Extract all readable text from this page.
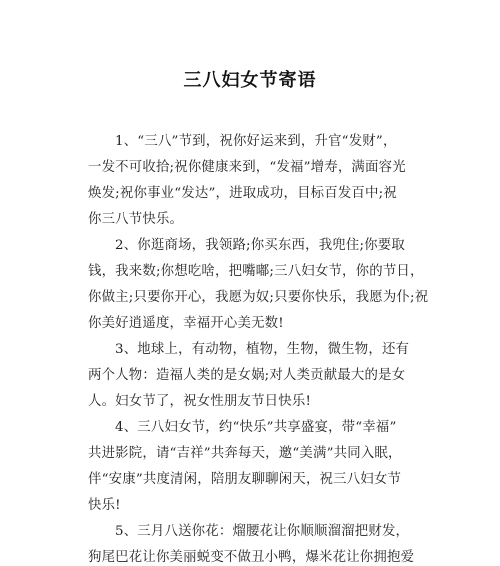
三八妇女节寄语
1、“三八”节到，祝你好运来到，升官“发财”，
一发不可收拾;祝你健康来到，“发福”增寿，满面容光
焕发;祝你事业“发达”，进取成功，目标百发百中;祝
你三八节快乐。
2、你逛商场，我领路;你买东西，我兜住;你要取
钱，我来数;你想吃啥，把嘴嘟;三八妇女节，你的节日，
你做主;只要你开心，我愿为奴;只要你快乐，我愿为仆;祝
你美好逍遥度，幸福开心美无数!
3、地球上，有动物，植物，生物，微生物，还有
两个人物：造福人类的是女娲;对人类贡献最大的是女
人。妇女节了，祝女性朋友节日快乐!
4、三八妇女节，约“快乐”共享盛宴，带“幸福”
共进影院，请“吉祥”共奔每天，邀“美满”共同入眠，
伴“安康”共度清闲，陪朋友聊聊闲天，祝三八妇女节
快乐!
5、三月八送你花：熘腰花让你顺顺溜溜把财发，
狗尾巴花让你美丽蜕变不做丑小鸭，爆米花让你拥抱爱
